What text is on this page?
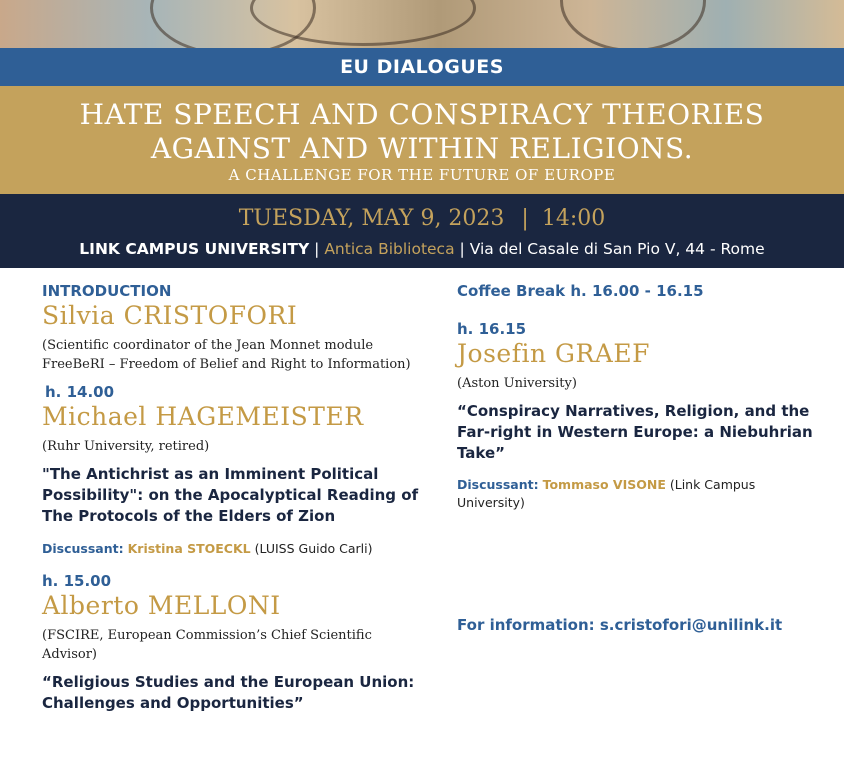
EU DIALOGUES
HATE SPEECH AND CONSPIRACY THEORIES
AGAINST AND WITHIN RELIGIONS.
A CHALLENGE FOR THE FUTURE OF EUROPE
TUESDAY, MAY 9, 2023 | 14:00
LINK CAMPUS UNIVERSITY | Antica Biblioteca | Via del Casale di San Pio V, 44 - Rome
INTRODUCTION
Silvia CRISTOFORI
(Scientific coordinator of the Jean Monnet module FreeBeRI – Freedom of Belief and Right to Information)
h. 14.00
Michael HAGEMEISTER
(Ruhr University, retired)
"The Antichrist as an Imminent Political Possibility": on the Apocalyptical Reading of The Protocols of the Elders of Zion
Discussant: Kristina STOECKL (LUISS Guido Carli)
h. 15.00
Alberto MELLONI
(FSCIRE, European Commission’s Chief Scientific Advisor)
“Religious Studies and the European Union: Challenges and Opportunities”
Coffee Break h. 16.00 - 16.15
h. 16.15
Josefin GRAEF
(Aston University)
“Conspiracy Narratives, Religion, and the Far-right in Western Europe: a Niebuhrian Take”
Discussant: Tommaso VISONE (Link Campus University)
For information: s.cristofori@unilink.it
